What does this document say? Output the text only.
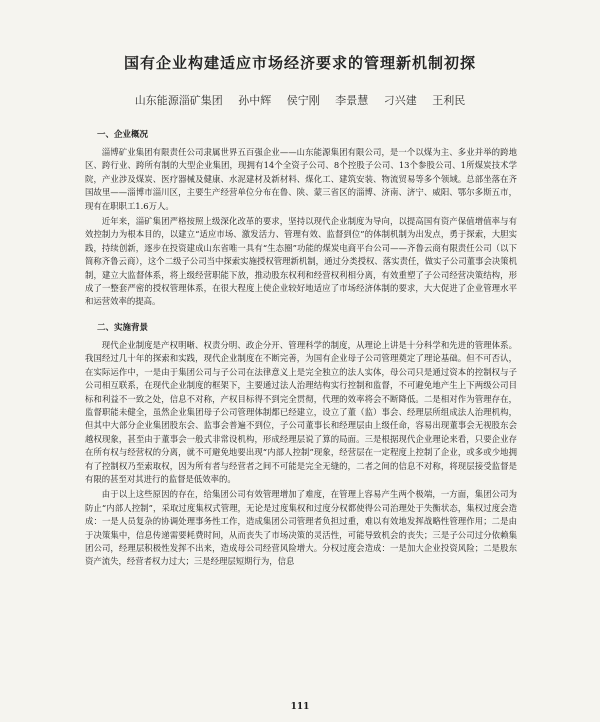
国有企业构建适应市场经济要求的管理新机制初探
山东能源淄矿集团 孙中辉 侯宁刚 李景慧 刁兴建 王利民
一、企业概况

淄博矿业集团有限责任公司隶属世界五百强企业——山东能源集团有限公司，是一个以煤为主、多业并举的跨地区、跨行业、跨所有制的大型企业集团，现拥有14个全资子公司、8个控股子公司、13个参股公司、1所煤炭技术学院，产业涉及煤炭、医疗器械及健康、水泥建材及新材料、煤化工、建筑安装、物流贸易等多个领域。总部坐落在齐国故里——淄博市淄川区，主要生产经营单位分布在鲁、陕、蒙三省区的淄博、济南、济宁、威阳、鄂尔多斯五市，现有在职职工1.6万人。

近年来，淄矿集团严格按照上级深化改革的要求，坚持以现代企业制度为导向，以提高国有资产保值增值率与有效控制力为根本目的，以建立“适应市场、激发活力、管理有效、监督到位”的体制机制为出发点，勇于探索，大胆实践，持续创新，逐步在投资建成山东省唯一具有“生态圈”功能的煤炭电商平台公司——齐鲁云商有限责任公司（以下简称齐鲁云商），这个二级子公司当中探索实施授权管理新机制，通过分类授权、落实责任，做实子公司董事会决策机制，建立大监督体系，将上级经营职能下放，推动股东权利和经营权利相分离，有效重塑了子公司经营决策结构，形成了一整套严密的授权管理体系，在很大程度上使企业较好地适应了市场经济体制的要求，大大促进了企业管理水平和运营效率的提高。

二、实施背景

现代企业制度是产权明晰、权责分明、政企分开、管理科学的制度，从理论上讲是十分科学和先进的管理体系。我国经过几十年的探索和实践，现代企业制度在不断完善，为国有企业母子公司管理奠定了理论基础。但不可否认，在实际运作中，一是由于集团公司与子公司在法律意义上是完全独立的法人实体，母公司只是通过资本的控制权与子公司相互联系，在现代企业制度的框架下，主要通过法人治理结构实行控制和监督，不可避免地产生上下两级公司目标和利益不一致之处，信息不对称，产权目标得不到完全贯彻，代理的效率将会不断降低。二是相对作为管理存在，监督职能未健全，虽然企业集团母子公司管理体制都已经建立，设立了董（监）事会、经理层所组成法人治理机构，但其中大部分企业集团股东会、监事会普遍不到位，子公司董事长和经理层由上级任命，容易出现董事会无视股东会越权现象，甚至由于董事会一般式非常设机构，形成经理层说了算的局面。三是根据现代企业理论来看，只要企业存在所有权与经营权的分离，就不可避免地要出现“内部人控制”现象，经营层在一定程度上控制了企业，或多或少地拥有了控制权乃至索取权，因为所有者与经营者之间不可能是完全无缝的，二者之间的信息不对称，将现层接受监督是有限的甚至对其进行的监督是低效率的。

由于以上这些原因的存在，给集团公司有效管理增加了难度，在管理上容易产生两个极端，一方面，集团公司为防止“内部人控制”，采取过度集权式管理，无论是过度集权和过度分权都使得公司治理处于失衡状态，集权过度会造成：一是人员复杂的协调处理事务性工作，造成集团公司管理者负担过重，难以有效地发挥战略性管理作用；二是由于决策集中，信息传递需要耗费时间，从而丧失了市场决策的灵活性，可能导致机会的丧失；三是子公司过分依赖集团公司，经理层积极性发挥不出来，造成母公司经营风险增大。分权过度会造成：一是加大企业投资风险；二是股东资产流失，经营者权力过大；三是经理层短期行为，信息

111
